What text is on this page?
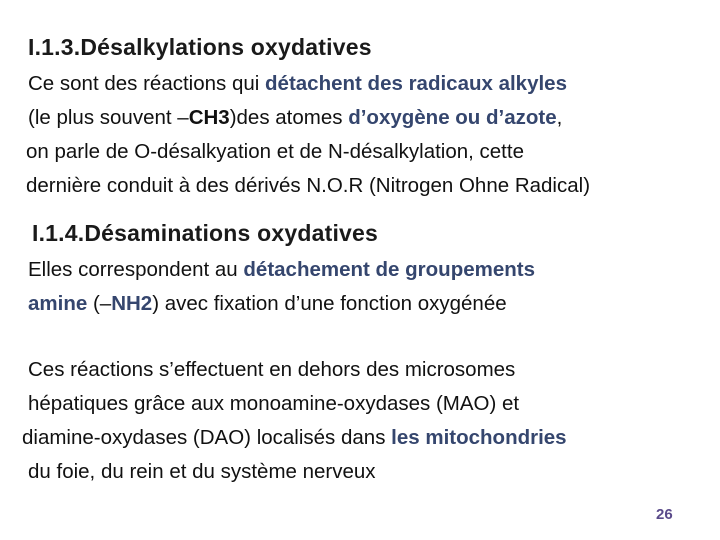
I.1.3.Désalkylations oxydatives
Ce sont des réactions qui détachent des radicaux alkyles
(le plus souvent –CH3)des atomes d’oxygène ou d’azote,
on parle de O-désalkyation et de N-désalkylation, cette
dernière conduit à des dérivés N.O.R (Nitrogen Ohne Radical)
I.1.4.Désaminations oxydatives
Elles correspondent au détachement de groupements
amine (–NH2) avec fixation d’une fonction oxygénée
Ces réactions s’effectuent en dehors des microsomes
hépatiques grâce aux monoamine-oxydases (MAO) et
diamine-oxydases (DAO) localisés dans les mitochondries
du foie, du rein et du système nerveux
26
